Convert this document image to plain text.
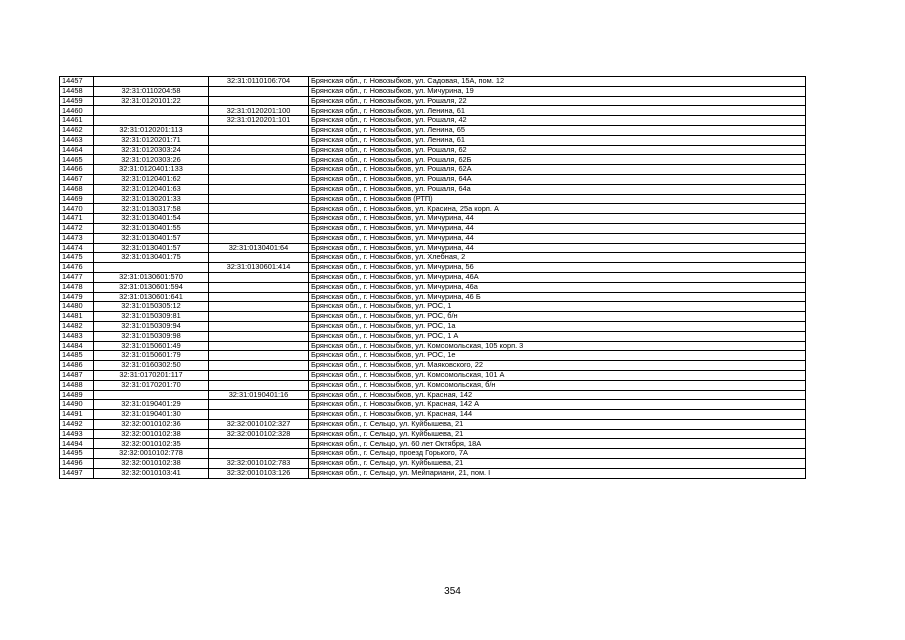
14457		32:31:0110106:704	Брянская обл., г. Новозыбков, ул. Садовая, 15А, пом. 12
14458	32:31:0110204:58		Брянская обл., г. Новозыбков, ул. Мичурина, 19
14459	32:31:0120101:22		Брянская обл., г. Новозыбков, ул. Рошаля, 22
14460		32:31:0120201:100	Брянская обл., г. Новозыбков, ул. Ленина, 61
14461		32:31:0120201:101	Брянская обл., г. Новозыбков, ул. Рошаля, 42
14462	32:31:0120201:113		Брянская обл., г. Новозыбков, ул. Ленина, 65
14463	32:31:0120201:71		Брянская обл., г. Новозыбков, ул. Ленина, 61
14464	32:31:0120303:24		Брянская обл., г. Новозыбков, ул. Рошаля, 62
14465	32:31:0120303:26		Брянская обл., г. Новозыбков, ул. Рошаля, 62Б
14466	32:31:0120401:133		Брянская обл., г. Новозыбков, ул. Рошаля, 62А
14467	32:31:0120401:62		Брянская обл., г. Новозыбков, ул. Рошаля, 64А
14468	32:31:0120401:63		Брянская обл., г. Новозыбков, ул. Рошаля, 64а
14469	32:31:0130201:33		Брянская обл., г. Новозыбков (РТП)
14470	32:31:0130317:58		Брянская обл., г. Новозыбков, ул. Красина, 25а корп. А
14471	32:31:0130401:54		Брянская обл., г. Новозыбков, ул. Мичурина, 44
14472	32:31:0130401:55		Брянская обл., г. Новозыбков, ул. Мичурина, 44
14473	32:31:0130401:57		Брянская обл., г. Новозыбков, ул. Мичурина, 44
14474	32:31:0130401:57	32:31:0130401:64	Брянская обл., г. Новозыбков, ул. Мичурина, 44
14475	32:31:0130401:75		Брянская обл., г. Новозыбков, ул. Хлебная, 2
14476		32:31:0130601:414	Брянская обл., г. Новозыбков, ул. Мичурина, 56
14477	32:31:0130601:570		Брянская обл., г. Новозыбков, ул. Мичурина, 46А
14478	32:31:0130601:594		Брянская обл., г. Новозыбков, ул. Мичурина, 46а
14479	32:31:0130601:641		Брянская обл., г. Новозыбков, ул. Мичурина, 46 Б
14480	32:31:0150305:12		Брянская обл., г. Новозыбков, ул. РОС, 1
14481	32:31:0150309:81		Брянская обл., г. Новозыбков, ул. РОС, б/н
14482	32:31:0150309:94		Брянская обл., г. Новозыбков, ул. РОС, 1а
14483	32:31:0150309:98		Брянская обл., г. Новозыбков, ул. РОС, 1 А
14484	32:31:0150601:49		Брянская обл., г. Новозыбков, ул. Комсомольская, 105 корп. 3
14485	32:31:0150601:79		Брянская обл., г. Новозыбков, ул. РОС, 1е
14486	32:31:0160302:50		Брянская обл., г. Новозыбков, ул. Маяковского, 22
14487	32:31:0170201:117		Брянская обл., г. Новозыбков, ул. Комсомольская, 101 А
14488	32:31:0170201:70		Брянская обл., г. Новозыбков, ул. Комсомольская, б/н
14489		32:31:0190401:16	Брянская обл., г. Новозыбков, ул. Красная, 142
14490	32:31:0190401:29		Брянская обл., г. Новозыбков, ул. Красная, 142 А
14491	32:31:0190401:30		Брянская обл., г. Новозыбков, ул. Красная, 144
14492	32:32:0010102:36	32:32:0010102:327	Брянская обл., г. Сельцо, ул. Куйбышева, 21
14493	32:32:0010102:38	32:32:0010102:328	Брянская обл., г. Сельцо, ул. Куйбышева, 21
14494	32:32:0010102:35		Брянская обл., г. Сельцо, ул. 60 лет Октября, 18А
14495	32:32:0010102:778		Брянская обл., г. Сельцо, проезд Горького, 7А
14496	32:32:0010102:38	32:32:0010102:783	Брянская обл., г. Сельцо, ул. Куйбышева, 21
14497	32:32:0010103:41	32:32:0010103:126	Брянская обл., г. Сельцо, ул. Мейпариани, 21, пом. I
354
